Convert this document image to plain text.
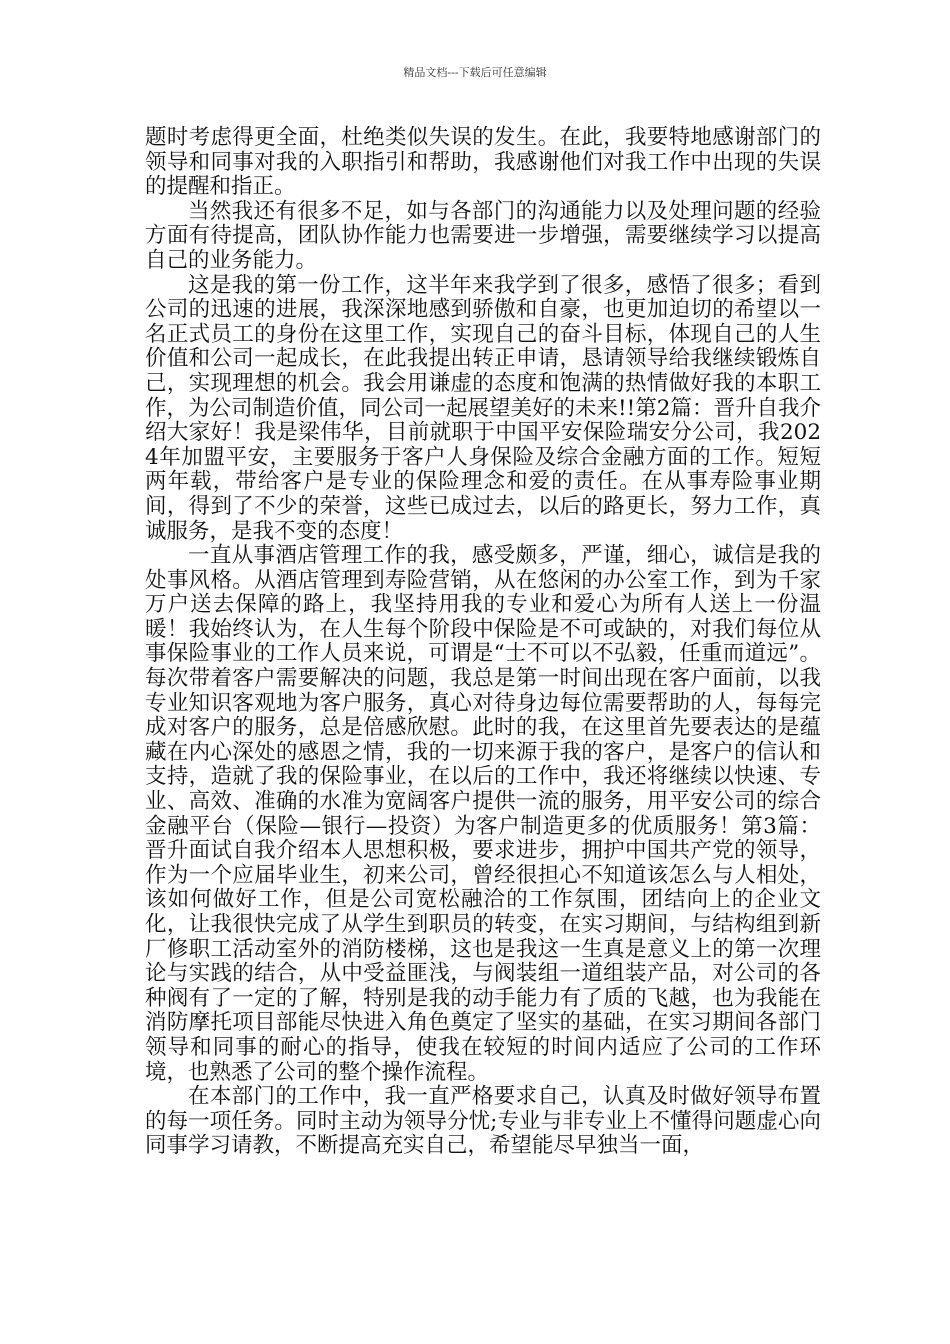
精品文档---下载后可任意编辑

题时考虑得更全面，杜绝类似失误的发生。在此，我要特地感谢部门的领导和同事对我的入职指引和帮助，我感谢他们对我工作中出现的失误的提醒和指正。

当然我还有很多不足，如与各部门的沟通能力以及处理问题的经验方面有待提高，团队协作能力也需要进一步增强，需要继续学习以提高自己的业务能力。

这是我的第一份工作，这半年来我学到了很多，感悟了很多；看到公司的迅速的进展，我深深地感到骄傲和自豪，也更加迫切的希望以一名正式员工的身份在这里工作，实现自己的奋斗目标，体现自己的人生价值和公司一起成长，在此我提出转正申请，恳请领导给我继续锻炼自己，实现理想的机会。我会用谦虚的态度和饱满的热情做好我的本职工作，为公司制造价值，同公司一起展望美好的未来!!第2篇：晋升自我介绍大家好！我是梁伟华，目前就职于中国平安保险瑞安分公司，我2024年加盟平安，主要服务于客户人身保险及综合金融方面的工作。短短两年载，带给客户是专业的保险理念和爱的责任。在从事寿险事业期间，得到了不少的荣誉，这些已成过去，以后的路更长，努力工作，真诚服务，是我不变的态度！

一直从事酒店管理工作的我，感受颇多，严谨，细心，诚信是我的处事风格。从酒店管理到寿险营销，从在悠闲的办公室工作，到为千家万户送去保障的路上，我坚持用我的专业和爱心为所有人送上一份温暖！我始终认为，在人生每个阶段中保险是不可或缺的，对我们每位从事保险事业的工作人员来说，可谓是“士不可以不弘毅，任重而道远”。 每次带着客户需要解决的问题，我总是第一时间出现在客户面前，以我专业知识客观地为客户服务，真心对待身边每位需要帮助的人，每每完成对客户的服务，总是倍感欣慰。此时的我，在这里首先要表达的是蕴藏在内心深处的感恩之情，我的一切来源于我的客户，是客户的信认和支持，造就了我的保险事业，在以后的工作中，我还将继续以快速、专业、高效、准确的水准为宽阔客户提供一流的服务，用平安公司的综合金融平台（保险—银行—投资）为客户制造更多的优质服务！第3篇：晋升面试自我介绍本人思想积极，要求进步，拥护中国共产党的领导，作为一个应届毕业生，初来公司，曾经很担心不知道该怎么与人相处，该如何做好工作，但是公司宽松融洽的工作氛围，团结向上的企业文化，让我很快完成了从学生到职员的转变，在实习期间，与结构组到新厂修职工活动室外的消防楼梯，这也是我这一生真是意义上的第一次理论与实践的结合，从中受益匪浅，与阀装组一道组装产品，对公司的各种阀有了一定的了解，特别是我的动手能力有了质的飞越，也为我能在消防摩托项目部能尽快进入角色奠定了坚实的基础，在实习期间各部门领导和同事的耐心的指导，使我在较短的时间内适应了公司的工作环境，也熟悉了公司的整个操作流程。

在本部门的工作中，我一直严格要求自己，认真及时做好领导布置的每一项任务。同时主动为领导分忧;专业与非专业上不懂得问题虚心向同事学习请教，不断提高充实自己，希望能尽早独当一面，
